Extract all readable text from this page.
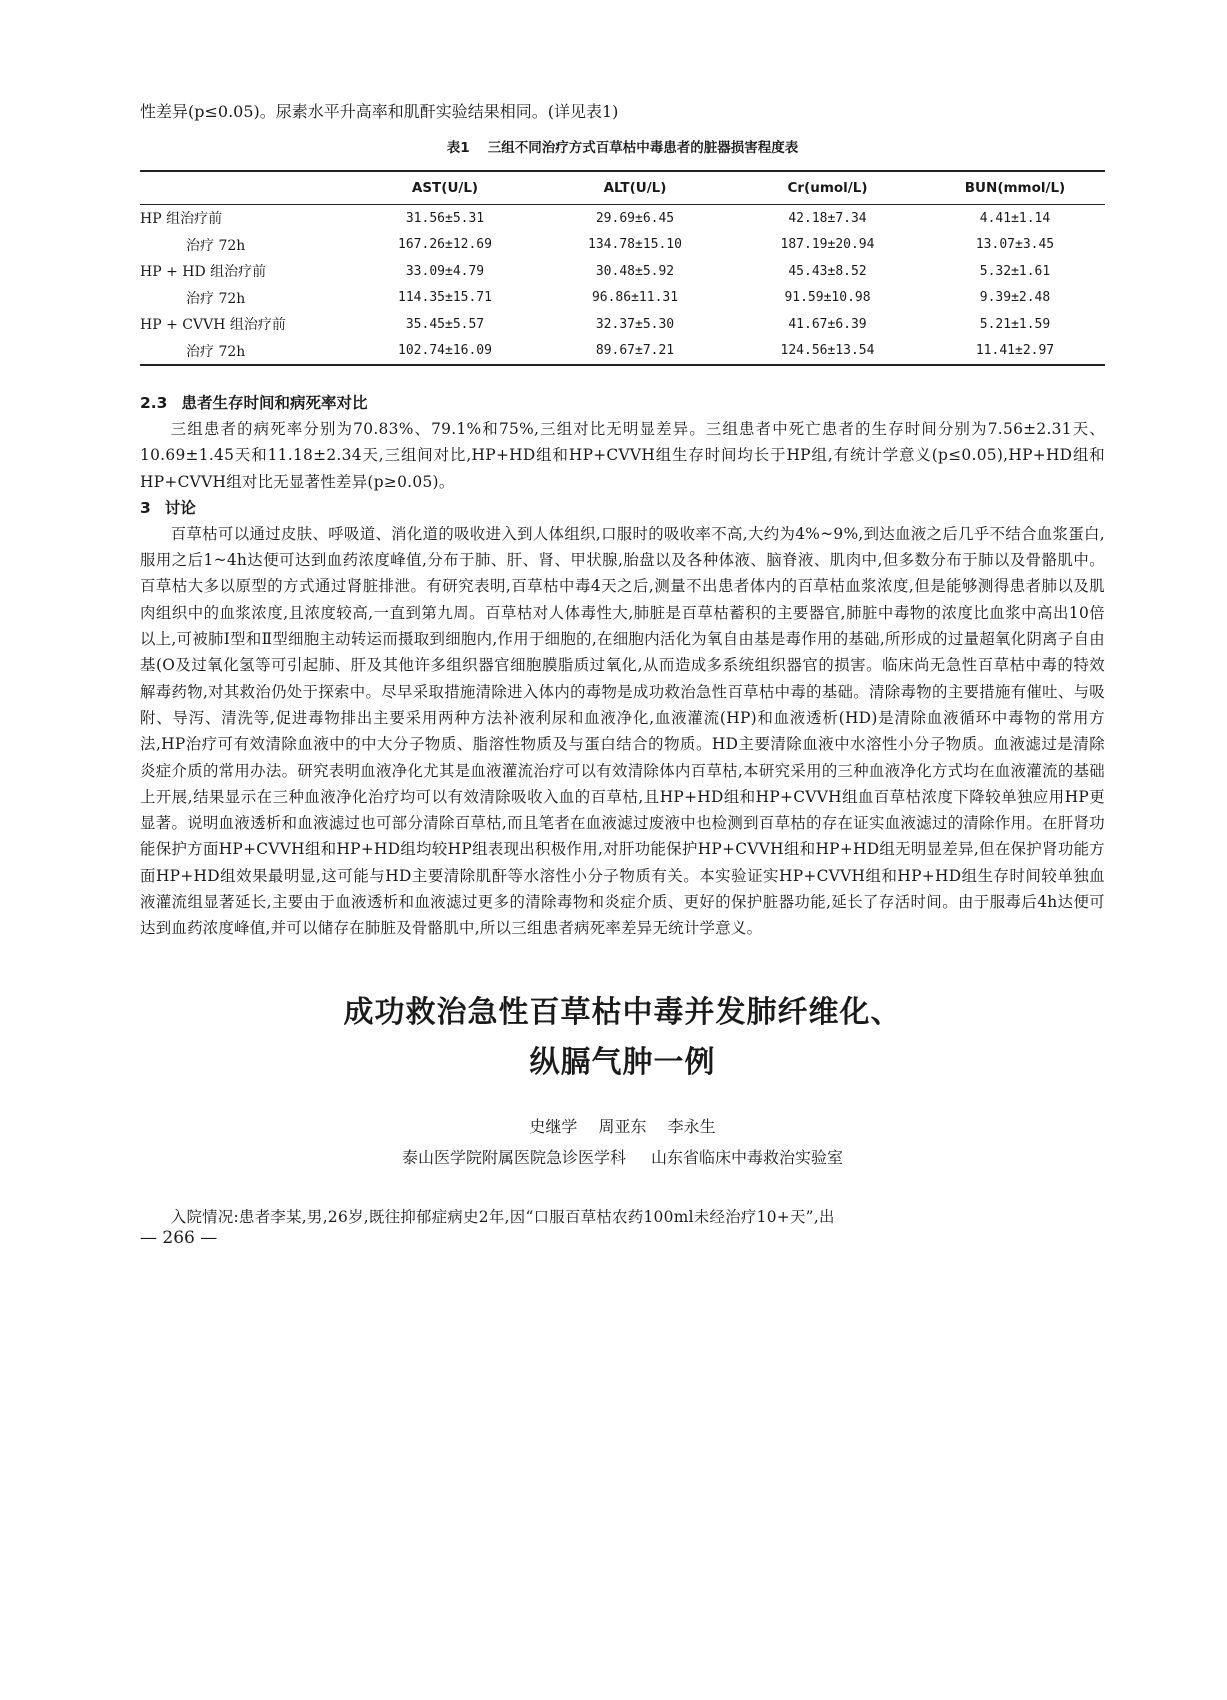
性差异(p≤0.05)。尿素水平升高率和肌酐实验结果相同。(详见表1)

表1 三组不同治疗方式百草枯中毒患者的脏器损害程度表
	AST(U/L)	ALT(U/L)	Cr(umol/L)	BUN(mmol/L)
HP 组治疗前	31.56±5.31	29.69±6.45	42.18±7.34	4.41±1.14
治疗 72h	167.26±12.69	134.78±15.10	187.19±20.94	13.07±3.45
HP + HD 组治疗前	33.09±4.79	30.48±5.92	45.43±8.52	5.32±1.61
治疗 72h	114.35±15.71	96.86±11.31	91.59±10.98	9.39±2.48
HP + CVVH 组治疗前	35.45±5.57	32.37±5.30	41.67±6.39	5.21±1.59
治疗 72h	102.74±16.09	89.67±7.21	124.56±13.54	11.41±2.97
2.3 患者生存时间和病死率对比

三组患者的病死率分别为70.83%、79.1%和75%,三组对比无明显差异。三组患者中死亡患者的生存时间分别为7.56±2.31天、10.69±1.45天和11.18±2.34天,三组间对比,HP+HD组和HP+CVVH组生存时间均长于HP组,有统计学意义(p≤0.05),HP+HD组和HP+CVVH组对比无显著性差异(p≥0.05)。

3 讨论

百草枯可以通过皮肤、呼吸道、消化道的吸收进入到人体组织,口服时的吸收率不高,大约为4%~9%,到达血液之后几乎不结合血浆蛋白,服用之后1~4h达便可达到血药浓度峰值,分布于肺、肝、肾、甲状腺,胎盘以及各种体液、脑脊液、肌肉中,但多数分布于肺以及骨骼肌中。百草枯大多以原型的方式通过肾脏排泄。有研究表明,百草枯中毒4天之后,测量不出患者体内的百草枯血浆浓度,但是能够测得患者肺以及肌肉组织中的血浆浓度,且浓度较高,一直到第九周。百草枯对人体毒性大,肺脏是百草枯蓄积的主要器官,肺脏中毒物的浓度比血浆中高出10倍以上,可被肺Ⅰ型和Ⅱ型细胞主动转运而摄取到细胞内,作用于细胞的,在细胞内活化为氧自由基是毒作用的基础,所形成的过量超氧化阴离子自由基(O及过氧化氢等可引起肺、肝及其他许多组织器官细胞膜脂质过氧化,从而造成多系统组织器官的损害。临床尚无急性百草枯中毒的特效解毒药物,对其救治仍处于探索中。尽早采取措施清除进入体内的毒物是成功救治急性百草枯中毒的基础。清除毒物的主要措施有催吐、与吸附、导泻、清洗等,促进毒物排出主要采用两种方法补液利尿和血液净化,血液灌流(HP)和血液透析(HD)是清除血液循环中毒物的常用方法,HP治疗可有效清除血液中的中大分子物质、脂溶性物质及与蛋白结合的物质。HD主要清除血液中水溶性小分子物质。血液滤过是清除炎症介质的常用办法。研究表明血液净化尤其是血液灌流治疗可以有效清除体内百草枯,本研究采用的三种血液净化方式均在血液灌流的基础上开展,结果显示在三种血液净化治疗均可以有效清除吸收入血的百草枯,且HP+HD组和HP+CVVH组血百草枯浓度下降较单独应用HP更显著。说明血液透析和血液滤过也可部分清除百草枯,而且笔者在血液滤过废液中也检测到百草枯的存在证实血液滤过的清除作用。在肝肾功能保护方面HP+CVVH组和HP+HD组均较HP组表现出积极作用,对肝功能保护HP+CVVH组和HP+HD组无明显差异,但在保护肾功能方面HP+HD组效果最明显,这可能与HD主要清除肌酐等水溶性小分子物质有关。本实验证实HP+CVVH组和HP+HD组生存时间较单独血液灌流组显著延长,主要由于血液透析和血液滤过更多的清除毒物和炎症介质、更好的保护脏器功能,延长了存活时间。由于服毒后4h达便可达到血药浓度峰值,并可以储存在肺脏及骨骼肌中,所以三组患者病死率差异无统计学意义。

成功救治急性百草枯中毒并发肺纤维化、
纵膈气肿一例

史继学 周亚东 李永生

泰山医学院附属医院急诊医学科 山东省临床中毒救治实验室

入院情况:患者李某,男,26岁,既往抑郁症病史2年,因“口服百草枯农药100ml未经治疗10+天”,出

— 266 —
